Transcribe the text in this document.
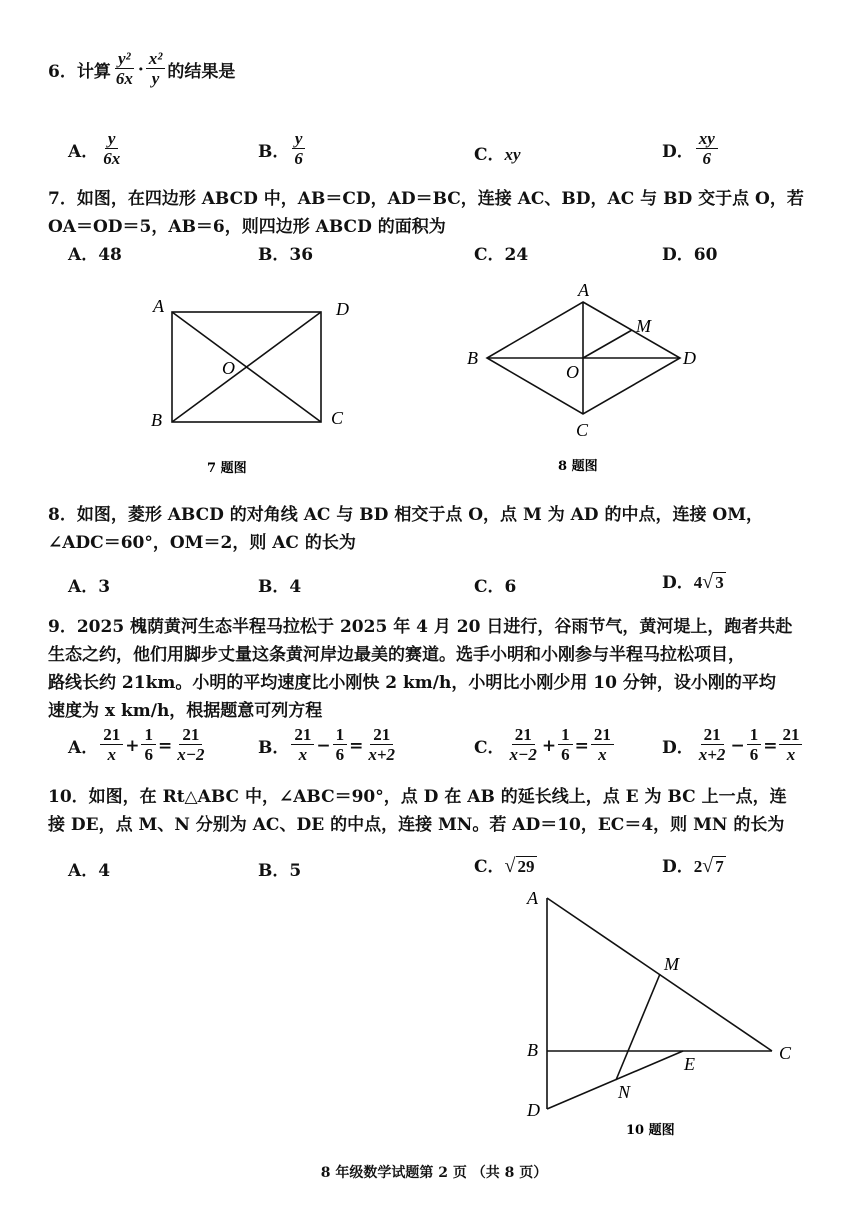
6．计算 $\frac{\text{y²}}{6x} \cdot \frac{\text{x²}}{y}$ 的结果是
A． $\frac{y}{6x}$	B． $\frac{y}{6}$	C．xy	D． $\frac{xy}{6}$
7．如图，在四边形 ABCD 中，AB＝CD，AD＝BC，连接 AC、BD，AC 与 BD 交于点 O，若
OA＝OD＝5，AB＝6，则四边形 ABCD 的面积为
A．48	B．36	C．24	D．60
A	D
O
B	C
7 题图
A
M
B
O
D
C
8 题图
8．如图，菱形 ABCD 的对角线 AC 与 BD 相交于点 O，点 M 为 AD 的中点，连接 OM，
∠ADC＝60°，OM＝2，则 AC 的长为
A．3	B．4	C．6	D．4√ 3
9．2025 槐荫黄河生态半程马拉松于 2025 年 4 月 20 日进行，谷雨节气，黄河堤上，跑者共赴
生态之约，他们用脚步丈量这条黄河岸边最美的赛道。选手小明和小刚参与半程马拉松项目，
路线长约 21km。小明的平均速度比小刚快 2 km/h，小明比小刚少用 10 分钟，设小刚的平均
速度为 x km/h，根据题意可列方程
A． $\frac{21}{x} + \frac{1}{6} = \frac{21}{x-2}$	B． $\frac{21}{x} - \frac{1}{6} = \frac{21}{x+2}$	C． $\frac{21}{x-2} + \frac{1}{6} = \frac{21}{x}$	D． $\frac{21}{x+2} - \frac{1}{6} = \frac{21}{x}$
10．如图，在 Rt△ABC 中，∠ABC＝90°，点 D 在 AB 的延长线上，点 E 为 BC 上一点，连
接 DE，点 M、N 分别为 AC、DE 的中点，连接 MN。若 AD＝10，EC＝4，则 MN 的长为
A．4	B．5	C．√ 29	D．2√ 7
A
M
B
E
C
N
D
10 题图
8 年级数学试题第 2 页 （共 8 页）
